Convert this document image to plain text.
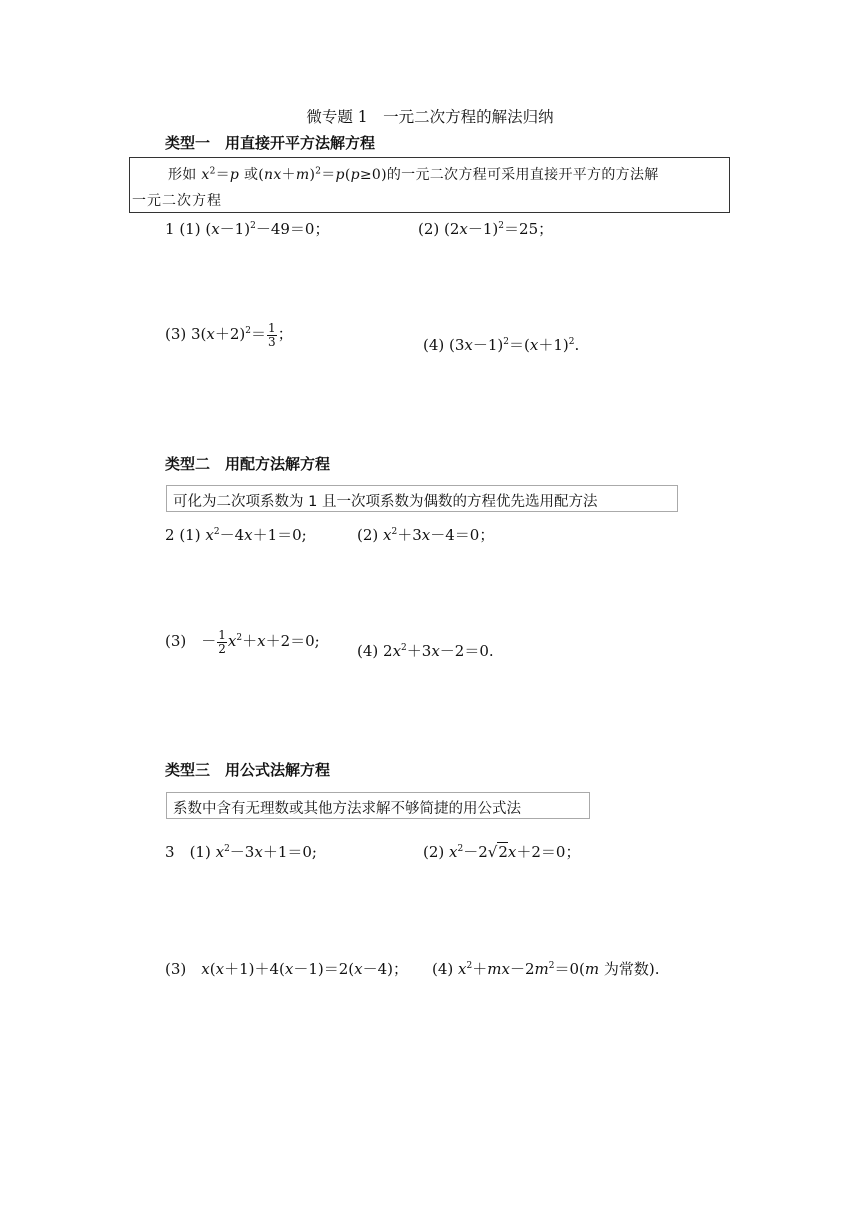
微专题 1　一元二次方程的解法归纳
类型一　用直接开平方法解方程
形如 $x^2=p$ 或$(nx+m)^2=p(p\ge 0)$的一元二次方程可采用直接开平方的方法解
一元二次方程
1 (1) $(x-1)^2-49=0$；	(2) $(2x-1)^2=25$；
(3) $3(x+2)^2= \frac{1}{3}$ ；
(4) $(3x-1)^2=(x+1)^2$.
类型二　用配方法解方程
可化为二次项系数为 1 且一次项系数为偶数的方程优先选用配方法
2 (1) $x^2-4x+1=0$;	(2) $x^2+3x-4=0$；
(3)　－ $\frac{1}{2} x^2+x+2=0$;
(4) $2x^2+3x-2=0$.
类型三　用公式法解方程
系数中含有无理数或其他方法求解不够简捷的用公式法
3　 (1) $x^2-3x+1=0$;	(2) $x^2-2√2x+2=0$；
(3)　 x(x＋1)＋4(x－1)＝2(x－4)； (4) $x^2+mx-2m^2=0(m$ 为常数).
